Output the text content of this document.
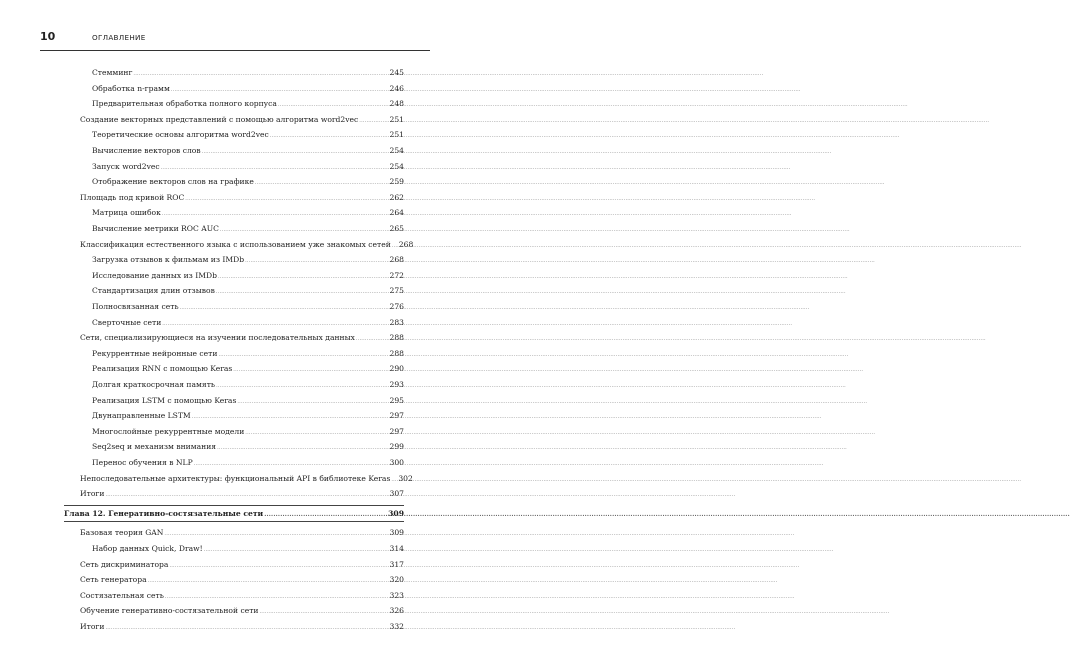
10	ОГЛАВЛЕНИЕ
Стемминг .....	245
Обработка n-грамм .....	246
Предварительная обработка полного корпуса .....	248
Создание векторных представлений с помощью алгоритма word2vec .....	251
Теоретические основы алгоритма word2vec .....	251
Вычисление векторов слов .....	254
Запуск word2vec .....	254
Отображение векторов слов на графике .....	259
Площадь под кривой ROC .....	262
Матрица ошибок .....	264
Вычисление метрики ROC AUC .....	265
Классификация естественного языка с использованием уже знакомых сетей ..... 268
Загрузка отзывов к фильмам из IMDb .....	268
Исследование данных из IMDb .....	272
Стандартизация длин отзывов .....	275
Полносвязанная сеть .....	276
Сверточные сети .....	283
Сети, специализирующиеся на изучении последовательных данных .....	288
Рекуррентные нейронные сети .....	288
Реализация RNN с помощью Keras .....	290
Долгая краткосрочная память .....	293
Реализация LSTM с помощью Keras .....	295
Двунаправленные LSTM .....	297
Многослойные рекуррентные модели .....	297
Seq2seq и механизм внимания .....	299
Перенос обучения в NLP .....	300
Непоследовательные архитектуры: функциональный API в библиотеке Keras ..... 302
Итоги .....	307
Глава 12. Генеративно-состязательные сети .....	309
Базовая теория GAN .....	309
Набор данных Quick, Draw! .....	314
Сеть дискриминатора .....	317
Сеть генератора .....	320
Состязательная сеть .....	323
Обучение генеративно-состязательной сети .....	326
Итоги .....	332
